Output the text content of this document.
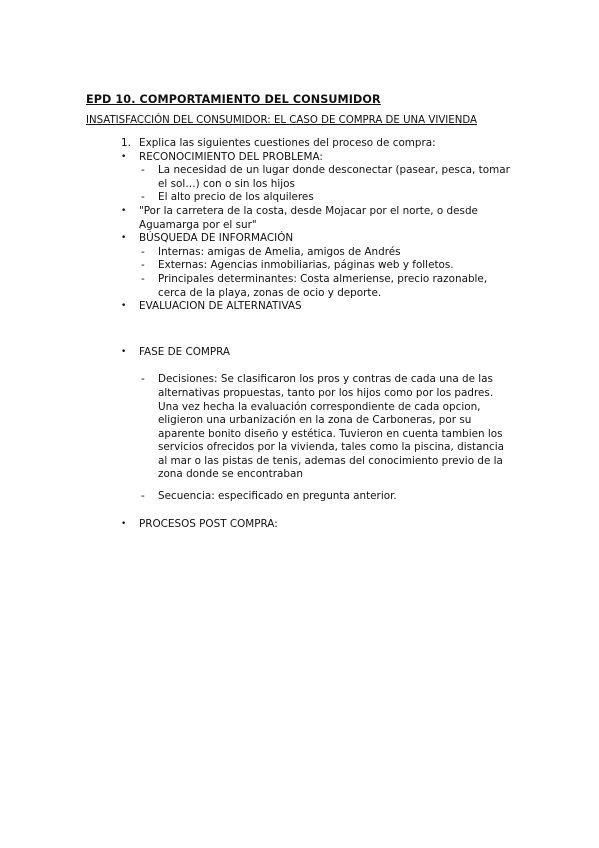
EPD 10. COMPORTAMIENTO DEL CONSUMIDOR
INSATISFACCIÓN DEL CONSUMIDOR: EL CASO DE COMPRA DE UNA VIVIENDA
1. Explica las siguientes cuestiones del proceso de compra:
• RECONOCIMIENTO DEL PROBLEMA:
- La necesidad de un lugar donde desconectar (pasear, pesca, tomar el sol…) con o sin los hijos
- El alto precio de los alquileres
• "Por la carretera de la costa, desde Mojacar por el norte, o desde Aguamarga por el sur"
• BÚSQUEDA DE INFORMACIÓN
- Internas: amigas de Amelia, amigos de Andrés
- Externas: Agencias inmobiliarias, páginas web y folletos.
- Principales determinantes: Costa almeriense, precio razonable, cerca de la playa, zonas de ocio y deporte.
• EVALUACION DE ALTERNATIVAS
• FASE DE COMPRA
- Decisiones: Se clasificaron los pros y contras de cada una de las alternativas propuestas, tanto por los hijos como por los padres. Una vez hecha la evaluación correspondiente de cada opcion, eligieron una urbanización en la zona de Carboneras, por su aparente bonito diseño y estética. Tuvieron en cuenta tambien los servicios ofrecidos por la vivienda, tales como la piscina, distancia al mar o las pistas de tenis, ademas del conocimiento previo de la zona donde se encontraban
- Secuencia: especificado en pregunta anterior.
• PROCESOS POST COMPRA:
